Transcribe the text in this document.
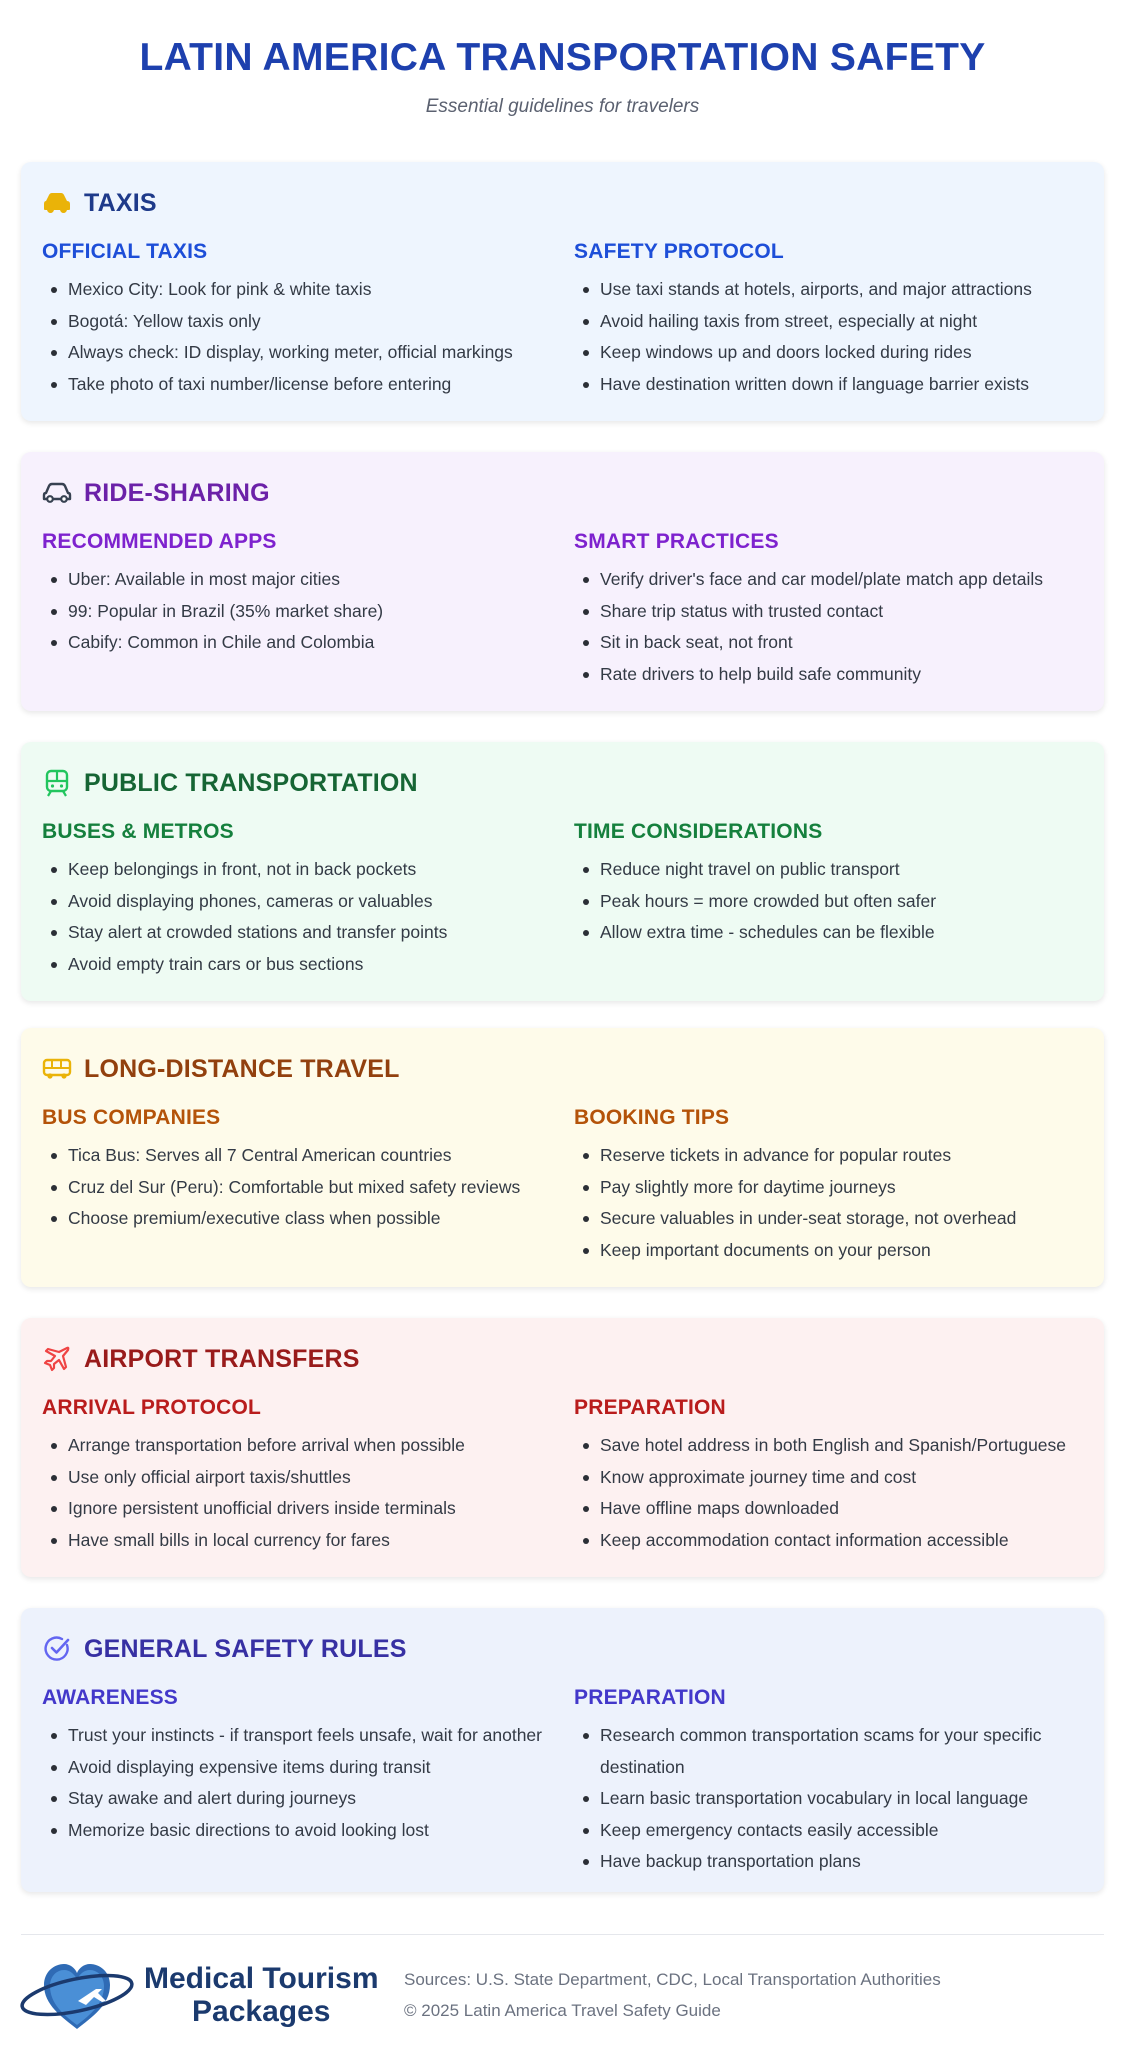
LATIN AMERICA TRANSPORTATION SAFETY
Essential guidelines for travelers
TAXIS
OFFICIAL TAXIS
Mexico City: Look for pink & white taxis
Bogotá: Yellow taxis only
Always check: ID display, working meter, official markings
Take photo of taxi number/license before entering
SAFETY PROTOCOL
Use taxi stands at hotels, airports, and major attractions
Avoid hailing taxis from street, especially at night
Keep windows up and doors locked during rides
Have destination written down if language barrier exists
RIDE-SHARING
RECOMMENDED APPS
Uber: Available in most major cities
99: Popular in Brazil (35% market share)
Cabify: Common in Chile and Colombia
SMART PRACTICES
Verify driver's face and car model/plate match app details
Share trip status with trusted contact
Sit in back seat, not front
Rate drivers to help build safe community
PUBLIC TRANSPORTATION
BUSES & METROS
Keep belongings in front, not in back pockets
Avoid displaying phones, cameras or valuables
Stay alert at crowded stations and transfer points
Avoid empty train cars or bus sections
TIME CONSIDERATIONS
Reduce night travel on public transport
Peak hours = more crowded but often safer
Allow extra time - schedules can be flexible
LONG-DISTANCE TRAVEL
BUS COMPANIES
Tica Bus: Serves all 7 Central American countries
Cruz del Sur (Peru): Comfortable but mixed safety reviews
Choose premium/executive class when possible
BOOKING TIPS
Reserve tickets in advance for popular routes
Pay slightly more for daytime journeys
Secure valuables in under-seat storage, not overhead
Keep important documents on your person
AIRPORT TRANSFERS
ARRIVAL PROTOCOL
Arrange transportation before arrival when possible
Use only official airport taxis/shuttles
Ignore persistent unofficial drivers inside terminals
Have small bills in local currency for fares
PREPARATION
Save hotel address in both English and Spanish/Portuguese
Know approximate journey time and cost
Have offline maps downloaded
Keep accommodation contact information accessible
GENERAL SAFETY RULES
AWARENESS
Trust your instincts - if transport feels unsafe, wait for another
Avoid displaying expensive items during transit
Stay awake and alert during journeys
Memorize basic directions to avoid looking lost
PREPARATION
Research common transportation scams for your specific destination
Learn basic transportation vocabulary in local language
Keep emergency contacts easily accessible
Have backup transportation plans
Medical Tourism
Packages
Sources: U.S. State Department, CDC, Local Transportation Authorities
© 2025 Latin America Travel Safety Guide
